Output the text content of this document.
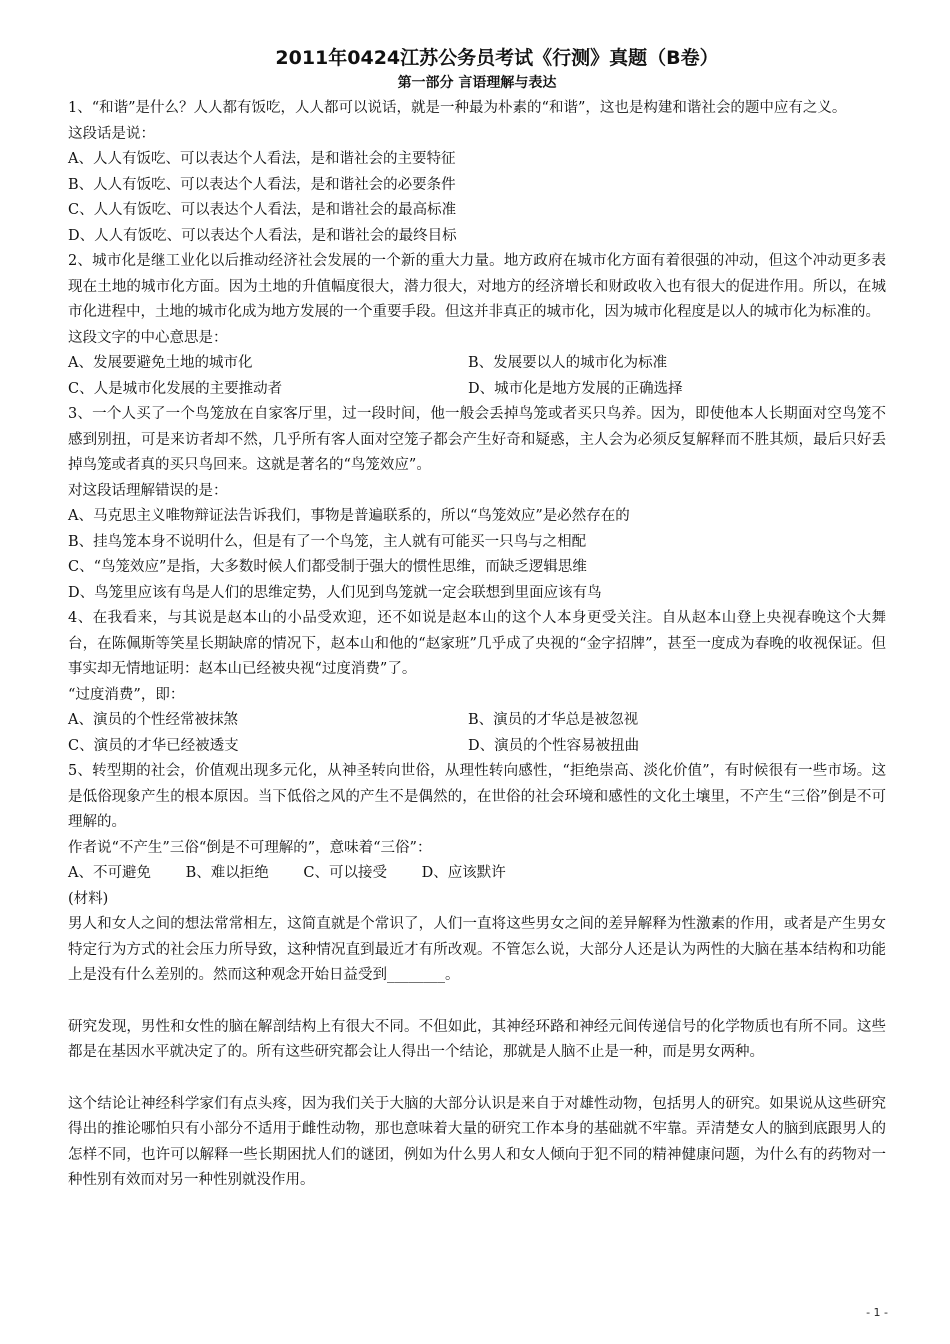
2011年0424江苏公务员考试《行测》真题（B卷）
第一部分 言语理解与表达

1、“和谐”是什么？人人都有饭吃，人人都可以说话，就是一种最为朴素的“和谐”，这也是构建和谐社会的题中应有之义。

这段话是说：

A、人人有饭吃、可以表达个人看法，是和谐社会的主要特征

B、人人有饭吃、可以表达个人看法，是和谐社会的必要条件

C、人人有饭吃、可以表达个人看法，是和谐社会的最高标准

D、人人有饭吃、可以表达个人看法，是和谐社会的最终目标

2、城市化是继工业化以后推动经济社会发展的一个新的重大力量。地方政府在城市化方面有着很强的冲动，但这个冲动更多表现在土地的城市化方面。因为土地的升值幅度很大，潜力很大，对地方的经济增长和财政收入也有很大的促进作用。所以，在城市化进程中，土地的城市化成为地方发展的一个重要手段。但这并非真正的城市化，因为城市化程度是以人的城市化为标准的。

这段文字的中心意思是：

A、发展要避免土地的城市化	B、发展要以人的城市化为标准
C、人是城市化发展的主要推动者	D、城市化是地方发展的正确选择

3、一个人买了一个鸟笼放在自家客厅里，过一段时间，他一般会丢掉鸟笼或者买只鸟养。因为，即使他本人长期面对空鸟笼不感到别扭，可是来访者却不然，几乎所有客人面对空笼子都会产生好奇和疑惑，主人会为必须反复解释而不胜其烦，最后只好丢掉鸟笼或者真的买只鸟回来。这就是著名的“鸟笼效应”。

对这段话理解错误的是：

A、马克思主义唯物辩证法告诉我们，事物是普遍联系的，所以“鸟笼效应”是必然存在的

B、挂鸟笼本身不说明什么，但是有了一个鸟笼，主人就有可能买一只鸟与之相配

C、“鸟笼效应”是指，大多数时候人们都受制于强大的惯性思维，而缺乏逻辑思维

D、鸟笼里应该有鸟是人们的思维定势，人们见到鸟笼就一定会联想到里面应该有鸟

4、在我看来，与其说是赵本山的小品受欢迎，还不如说是赵本山的这个人本身更受关注。自从赵本山登上央视春晚这个大舞台，在陈佩斯等笑星长期缺席的情况下，赵本山和他的“赵家班”几乎成了央视的“金字招牌”，甚至一度成为春晚的收视保证。但事实却无情地证明：赵本山已经被央视“过度消费”了。

“过度消费”，即：

A、演员的个性经常被抹煞	B、演员的才华总是被忽视
C、演员的才华已经被透支	D、演员的个性容易被扭曲

5、转型期的社会，价值观出现多元化，从神圣转向世俗，从理性转向感性，“拒绝崇高、淡化价值”，有时候很有一些市场。这是低俗现象产生的根本原因。当下低俗之风的产生不是偶然的，在世俗的社会环境和感性的文化土壤里，不产生“三俗”倒是不可理解的。

作者说“不产生”三俗“倒是不可理解的”，意味着“三俗”：

A、不可避免 B、难以拒绝 C、可以接受 D、应该默许

(材料)

男人和女人之间的想法常常相左，这简直就是个常识了，人们一直将这些男女之间的差异解释为性激素的作用，或者是产生男女特定行为方式的社会压力所导致，这种情况直到最近才有所改观。不管怎么说，大部分人还是认为两性的大脑在基本结构和功能上是没有什么差别的。然而这种观念开始日益受到________。

研究发现，男性和女性的脑在解剖结构上有很大不同。不但如此，其神经环路和神经元间传递信号的化学物质也有所不同。这些都是在基因水平就决定了的。所有这些研究都会让人得出一个结论，那就是人脑不止是一种，而是男女两种。

这个结论让神经科学家们有点头疼，因为我们关于大脑的大部分认识是来自于对雄性动物，包括男人的研究。如果说从这些研究得出的推论哪怕只有小部分不适用于雌性动物，那也意味着大量的研究工作本身的基础就不牢靠。弄清楚女人的脑到底跟男人的怎样不同，也许可以解释一些长期困扰人们的谜团，例如为什么男人和女人倾向于犯不同的精神健康问题，为什么有的药物对一种性别有效而对另一种性别就没作用。

- 1 -
